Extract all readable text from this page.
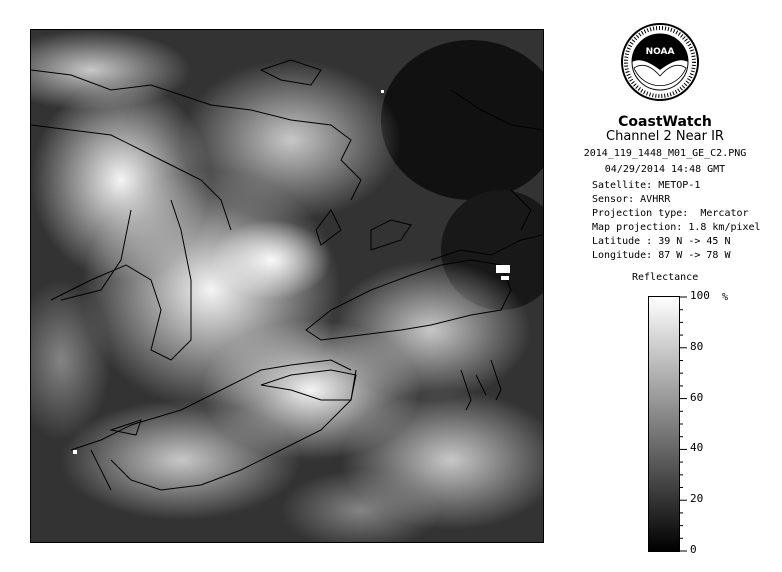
NOAA
CoastWatch
Channel 2 Near IR
2014_119_1448_M01_GE_C2.PNG
04/29/2014 14:48 GMT
Satellite: METOP-1
Sensor: AVHRR
Projection type:  Mercator
Map projection: 1.8 km/pixel
Latitude : 39 N -> 45 N
Longitude: 87 W -> 78 W
Reflectance
%
100
80
60
40
20
0
